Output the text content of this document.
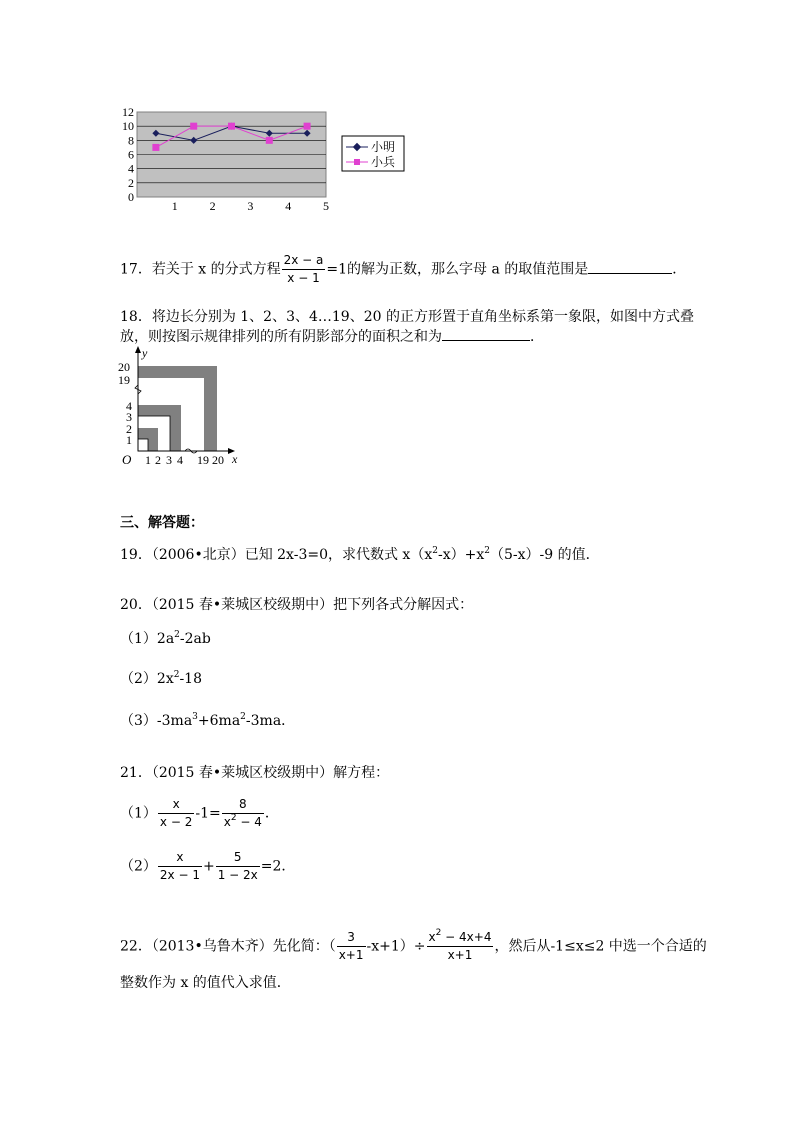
0
2
4
6
8
10
12
1	2	3	4	5
小明
小兵
17．若关于 x 的分式方程 $\frac{2x - a}{x - 1} =1$的解为正数，那么字母 a 的取值范围是	．
18．将边长分别为 1、2、3、4…19、20 的正方形置于直角坐标系第一象限，如图中方式叠
放，则按图示规律排列的所有阴影部分的面积之和为	．
y
x
O
20
19
4
3
2
1
1 2 3 4 19 20
三、解答题：
19．（2006•北京）已知 2x-3=0，求代数式 $x(x^2-x)+x^2(5-x)-9$ 的值．
20．（2015 春•莱城区校级期中）把下列各式分解因式：
$(1)2a^2-2ab$
$(2)2x^2-18$
$(3)-3ma^3+6ma^2-3ma$．
21．（2015 春•莱城区校级期中）解方程：
$(1) \frac{x}{x - 2} -1= \frac{8}{x^2 - 4}$ ．
$(2) \frac{x}{2x - 1} + \frac{5}{1 - 2x} =2$．
22．（2013•乌鲁木齐）先化简：（ $\frac{3}{x+1} -x+1)\div \frac{x^2 - 4x+4}{x+1}$ ，然后从-1≤x≤2 中选一个合适的
整数作为 x 的值代入求值．
